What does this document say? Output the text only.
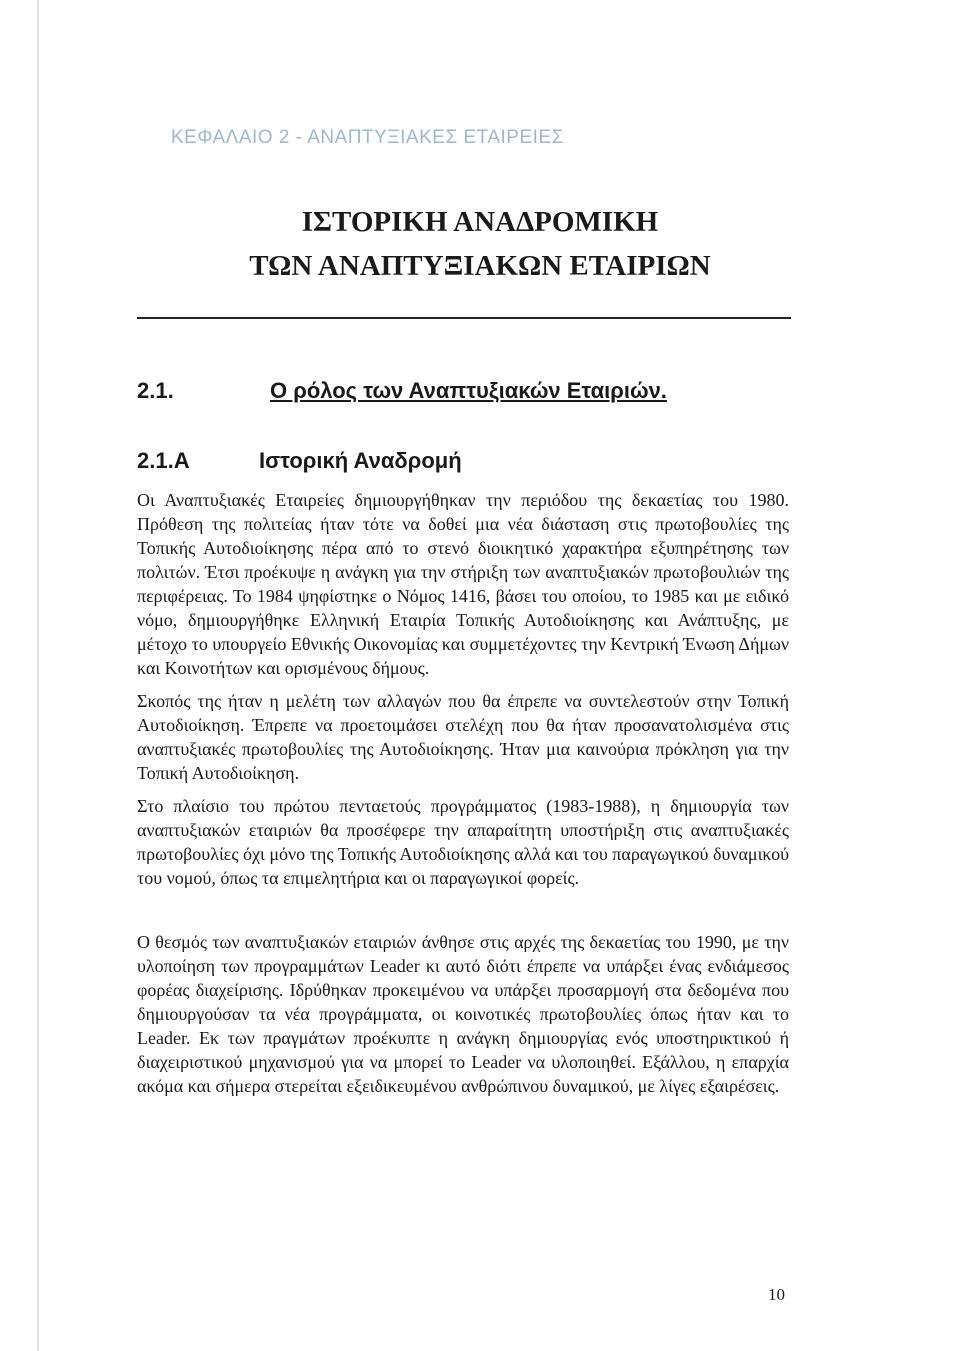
ΚΕΦΑΛΑΙΟ 2 - ΑΝΑΠΤΥΞΙΑΚΕΣ ΕΤΑΙΡΕΙΕΣ
ΙΣΤΟΡΙΚΗ ΑΝΑΔΡΟΜΙΚΗ
ΤΩΝ ΑΝΑΠΤΥΞΙΑΚΩΝ ΕΤΑΙΡΙΩΝ
2.1.	Ο ρόλος των Αναπτυξιακών Εταιριών.
2.1.Α	Ιστορική Αναδρομή

Οι Αναπτυξιακές Εταιρείες δημιουργήθηκαν την περιόδου της δεκαετίας του 1980. Πρόθεση της πολιτείας ήταν τότε να δοθεί μια νέα διάσταση στις πρωτοβουλίες της Τοπικής Αυτοδιοίκησης πέρα από το στενό διοικητικό χαρακτήρα εξυπηρέτησης των πολιτών. Έτσι προέκυψε η ανάγκη για την στήριξη των αναπτυξιακών πρωτοβουλιών της περιφέρειας. Το 1984 ψηφίστηκε ο Νόμος 1416, βάσει του οποίου, το 1985 και με ειδικό νόμο, δημιουργήθηκε Ελληνική Εταιρία Τοπικής Αυτοδιοίκησης και Ανάπτυξης, με μέτοχο το υπουργείο Εθνικής Οικονομίας και συμμετέχοντες την Κεντρική Ένωση Δήμων και Κοινοτήτων και ορισμένους δήμους.

Σκοπός της ήταν η μελέτη των αλλαγών που θα έπρεπε να συντελεστούν στην Τοπική Αυτοδιοίκηση. Έπρεπε να προετοιμάσει στελέχη που θα ήταν προσανατολισμένα στις αναπτυξιακές πρωτοβουλίες της Αυτοδιοίκησης. Ήταν μια καινούρια πρόκληση για την Τοπική Αυτοδιοίκηση.

Στο πλαίσιο του πρώτου πενταετούς προγράμματος (1983-1988), η δημιουργία των αναπτυξιακών εταιριών θα προσέφερε την απαραίτητη υποστήριξη στις αναπτυξιακές πρωτοβουλίες όχι μόνο της Τοπικής Αυτοδιοίκησης αλλά και του παραγωγικού δυναμικού του νομού, όπως τα επιμελητήρια και οι παραγωγικοί φορείς.

Ο θεσμός των αναπτυξιακών εταιριών άνθησε στις αρχές της δεκαετίας του 1990, με την υλοποίηση των προγραμμάτων Leader κι αυτό διότι έπρεπε να υπάρξει ένας ενδιάμεσος φορέας διαχείρισης. Ιδρύθηκαν προκειμένου να υπάρξει προσαρμογή στα δεδομένα που δημιουργούσαν τα νέα προγράμματα, οι κοινοτικές πρωτοβουλίες όπως ήταν και το Leader. Εκ των πραγμάτων προέκυπτε η ανάγκη δημιουργίας ενός υποστηρικτικού ή διαχειριστικού μηχανισμού για να μπορεί το Leader να υλοποιηθεί. Εξάλλου, η επαρχία ακόμα και σήμερα στερείται εξειδικευμένου ανθρώπινου δυναμικού, με λίγες εξαιρέσεις.

10
